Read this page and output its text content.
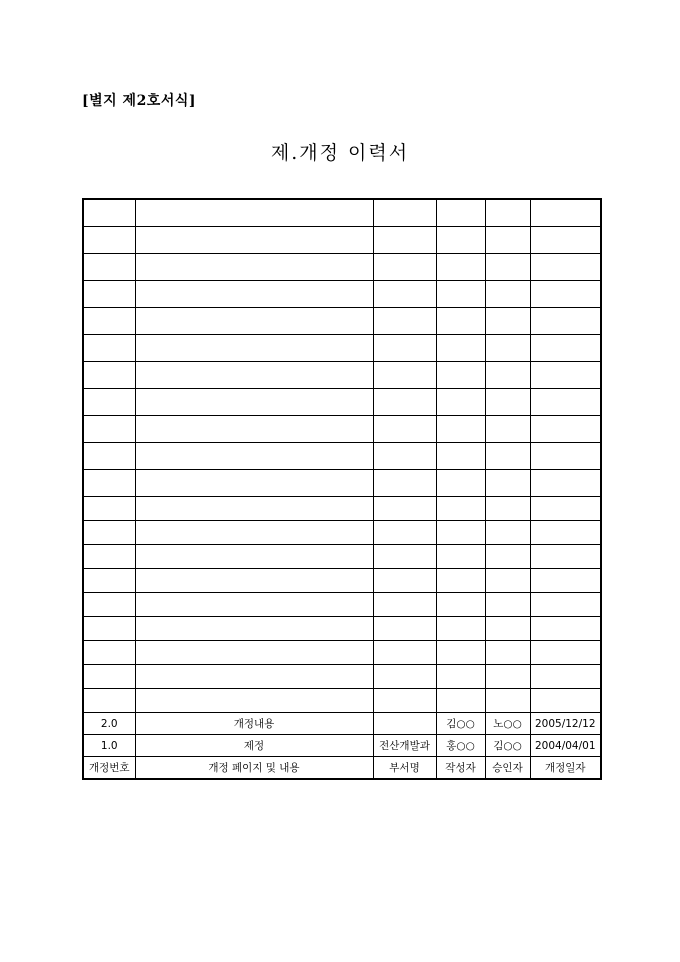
[별지 제2호서식]
제.개정 이력서

2.0	개정내용		김○○	노○○	2005/12/12
1.0	제정	전산개발과	홍○○	김○○	2004/04/01
개정번호	개정 페이지 및 내용	부서명	작성자	승인자	개정일자
